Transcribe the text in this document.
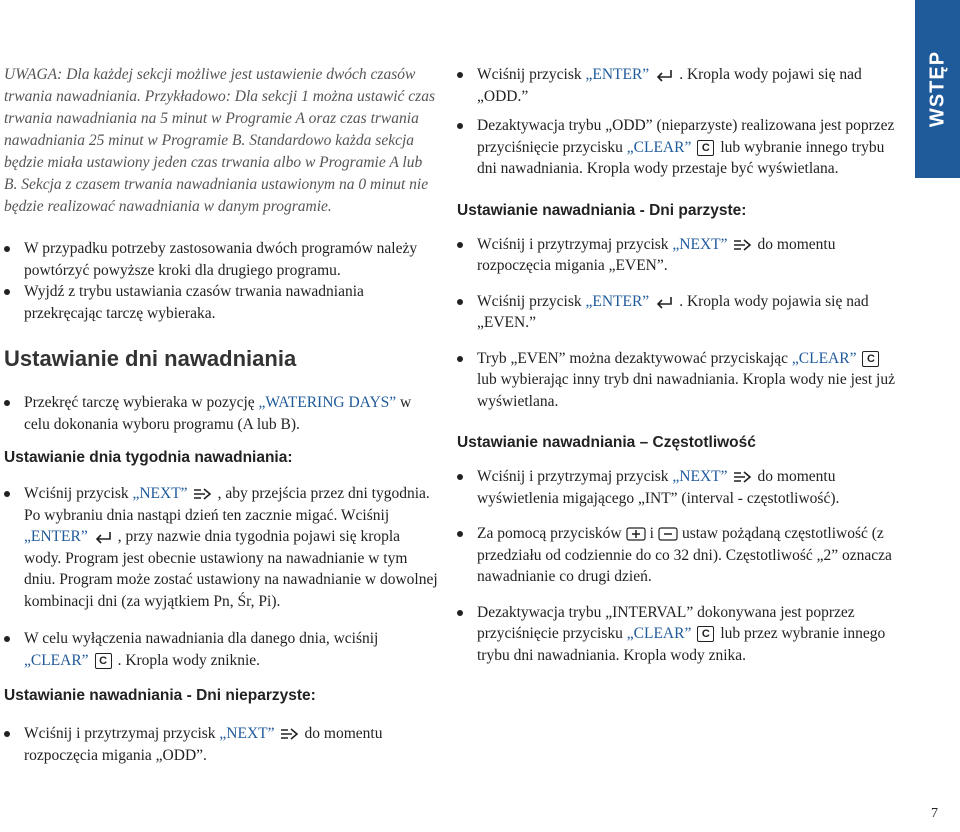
WSTĘP

UWAGA: Dla każdej sekcji możliwe jest ustawienie dwóch czasów trwania nawadniania. Przykładowo: Dla sekcji 1 można ustawić czas trwania nawadniania na 5 minut w Programie A oraz czas trwania nawadniania 25 minut w Programie B. Standardowo każda sekcja będzie miała ustawiony jeden czas trwania albo w Programie A lub B. Sekcja z czasem trwania nawadniania ustawionym na 0 minut nie będzie realizować nawadniania w danym programie.

W przypadku potrzeby zastosowania dwóch programów należy powtórzyć powyższe kroki dla drugiego programu.
Wyjdź z trybu ustawiania czasów trwania nawadniania przekręcając tarczę wybieraka.
Ustawianie dni nawadniania
Przekręć tarczę wybieraka w pozycję „WATERING DAYS” w celu dokonania wyboru programu (A lub B).
Ustawianie dnia tygodnia nawadniania:
Wciśnij przycisk „NEXT” , aby przejścia przez dni tygodnia. Po wybraniu dnia nastąpi dzień ten zacznie migać. Wciśnij „ENTER” , przy nazwie dnia tygodnia pojawi się kropla wody. Program jest obecnie ustawiony na nawadnianie w tym dniu. Program może zostać ustawiony na nawadnianie w dowolnej kombinacji dni (za wyjątkiem Pn, Śr, Pi).
W celu wyłączenia nawadniania dla danego dnia, wciśnij „CLEAR” C . Kropla wody zniknie.
Ustawianie nawadniania - Dni nieparzyste:
Wciśnij i przytrzymaj przycisk „NEXT” do momentu rozpoczęcia migania „ODD”.
Wciśnij przycisk „ENTER” . Kropla wody pojawi się nad „ODD.”
Dezaktywacja trybu „ODD” (nieparzyste) realizowana jest poprzez przyciśnięcie przycisku „CLEAR” C lub wybranie innego trybu dni nawadniania. Kropla wody przestaje być wyświetlana.
Ustawianie nawadniania - Dni parzyste:
Wciśnij i przytrzymaj przycisk „NEXT” do momentu rozpoczęcia migania „EVEN”.
Wciśnij przycisk „ENTER” . Kropla wody pojawia się nad „EVEN.”
Tryb „EVEN” można dezaktywować przyciskając „CLEAR” Club wybierając inny tryb dni nawadniania. Kropla wody nie jest już wyświetlana.
Ustawianie nawadniania – Częstotliwość
Wciśnij i przytrzymaj przycisk „NEXT” do momentu wyświetlenia migającego „INT” (interval - częstotliwość).
Za pomocą przycisków i ustaw pożądaną częstotliwość (z przedziału od codziennie do co 32 dni). Częstotliwość „2” oznacza nawadnianie co drugi dzień.
Dezaktywacja trybu „INTERVAL” dokonywana jest poprzez przyciśnięcie przycisku „CLEAR” C lub przez wybranie innego trybu dni nawadniania. Kropla wody znika.
7
